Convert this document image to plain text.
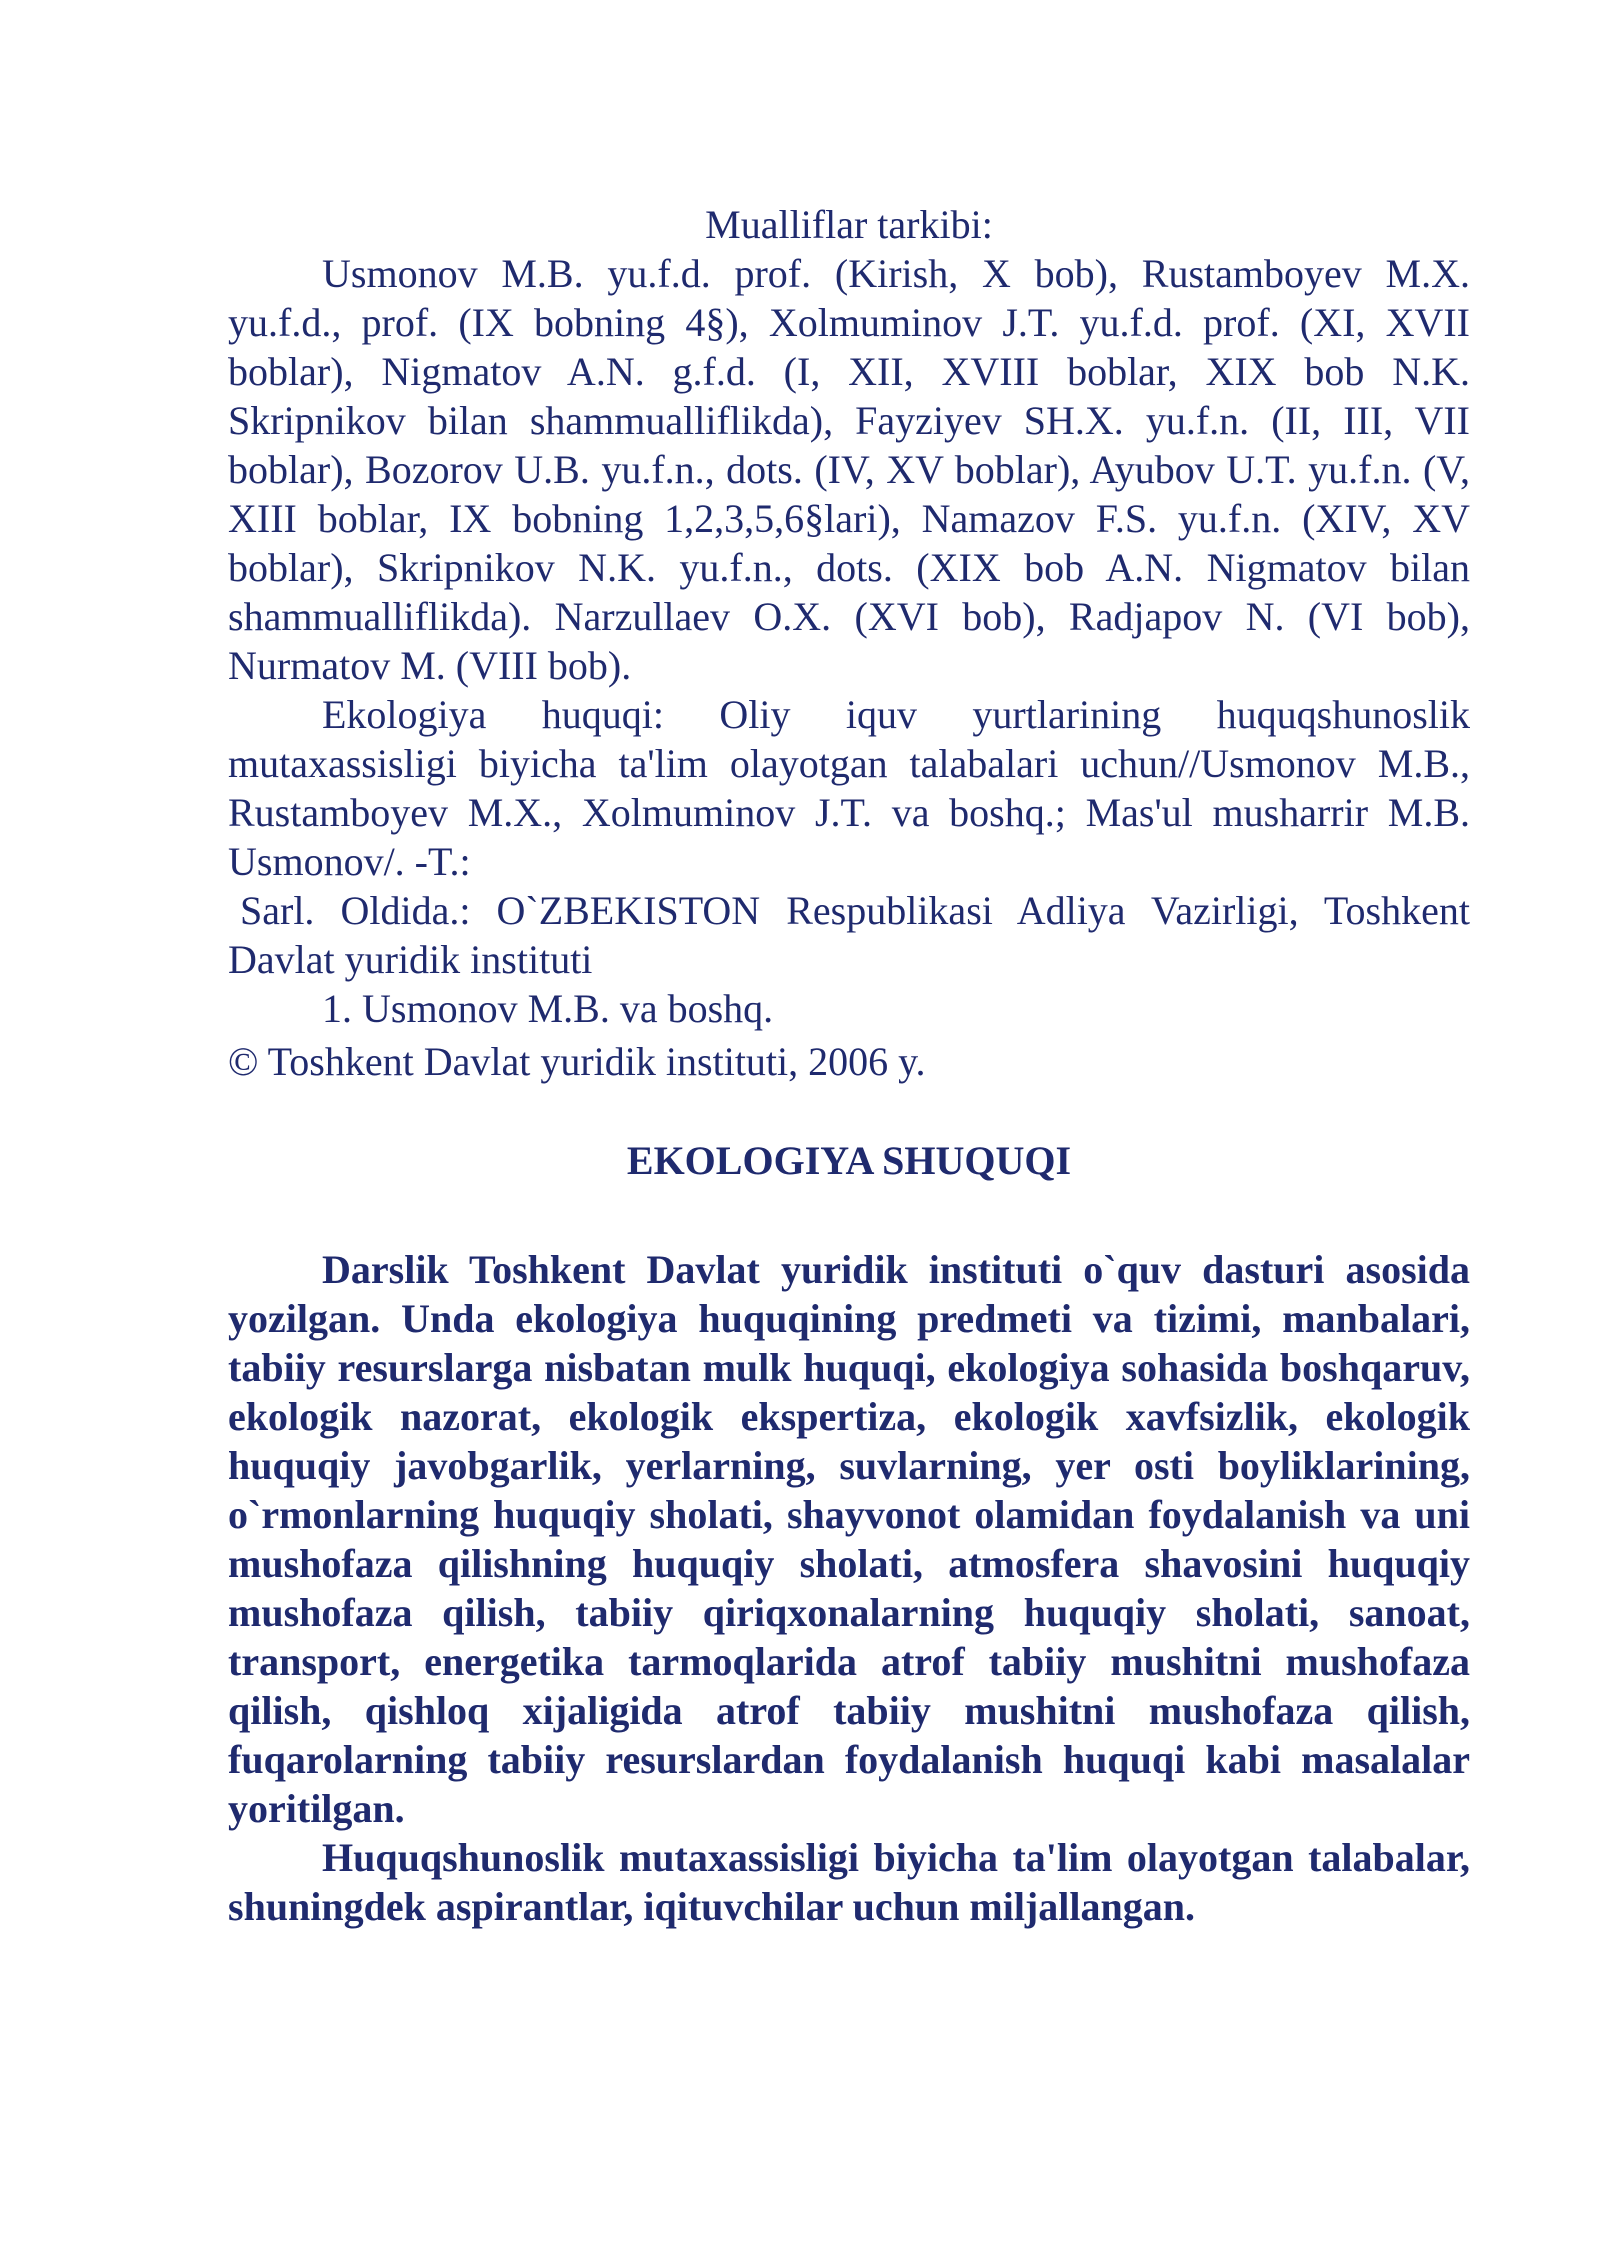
Mualliflar tarkibi:

Usmonov M.B. yu.f.d. prof. (Kirish, X bob), Rustamboyev M.X. yu.f.d., prof. (IX bobning 4§), Xolmuminov J.T. yu.f.d. prof. (XI, XVII boblar), Nigmatov A.N. g.f.d. (I, XII, XVIII boblar, XIX bob N.K. Skripnikov bilan shammualliflikda), Fayziyev SH.X. yu.f.n. (II, III, VII boblar), Bozorov U.B. yu.f.n., dots. (IV, XV boblar), Ayubov U.T. yu.f.n. (V, XIII boblar, IX bobning 1,2,3,5,6§lari), Namazov F.S. yu.f.n. (XIV, XV boblar), Skripnikov N.K. yu.f.n., dots. (XIX bob A.N. Nigmatov bilan shammualliflikda). Narzullaev O.X. (XVI bob), Radjapov N. (VI bob), Nurmatov M. (VIII bob).

Ekologiya huquqi: Oliy iquv yurtlarining huquqshunoslik mutaxassisligi biyicha ta'lim olayotgan talabalari uchun//Usmonov M.B., Rustamboyev M.X., Xolmuminov J.T. va boshq.; Mas'ul musharrir M.B. Usmonov/. -T.:

Sarl. Oldida.: O`ZBEKISTON Respublikasi Adliya Vazirligi, Toshkent Davlat yuridik instituti

1. Usmonov M.B. va boshq.

© Toshkent Davlat yuridik instituti, 2006 y.

EKOLOGIYA SHUQUQI

Darslik Toshkent Davlat yuridik instituti o`quv dasturi asosida yozilgan. Unda ekologiya huquqining predmeti va tizimi, manbalari, tabiiy resurslarga nisbatan mulk huquqi, ekologiya sohasida boshqaruv, ekologik nazorat, ekologik ekspertiza, ekologik xavfsizlik, ekologik huquqiy javobgarlik, yerlarning, suvlarning, yer osti boyliklarining, o`rmonlarning huquqiy sholati, shayvonot olamidan foydalanish va uni mushofaza qilishning huquqiy sholati, atmosfera shavosini huquqiy mushofaza qilish, tabiiy qiriqxonalarning huquqiy sholati, sanoat, transport, energetika tarmoqlarida atrof tabiiy mushitni mushofaza qilish, qishloq xijaligida atrof tabiiy mushitni mushofaza qilish, fuqarolarning tabiiy resurslardan foydalanish huquqi kabi masalalar yoritilgan.

Huquqshunoslik mutaxassisligi biyicha ta'lim olayotgan talabalar, shuningdek aspirantlar, iqituvchilar uchun miljallangan.
